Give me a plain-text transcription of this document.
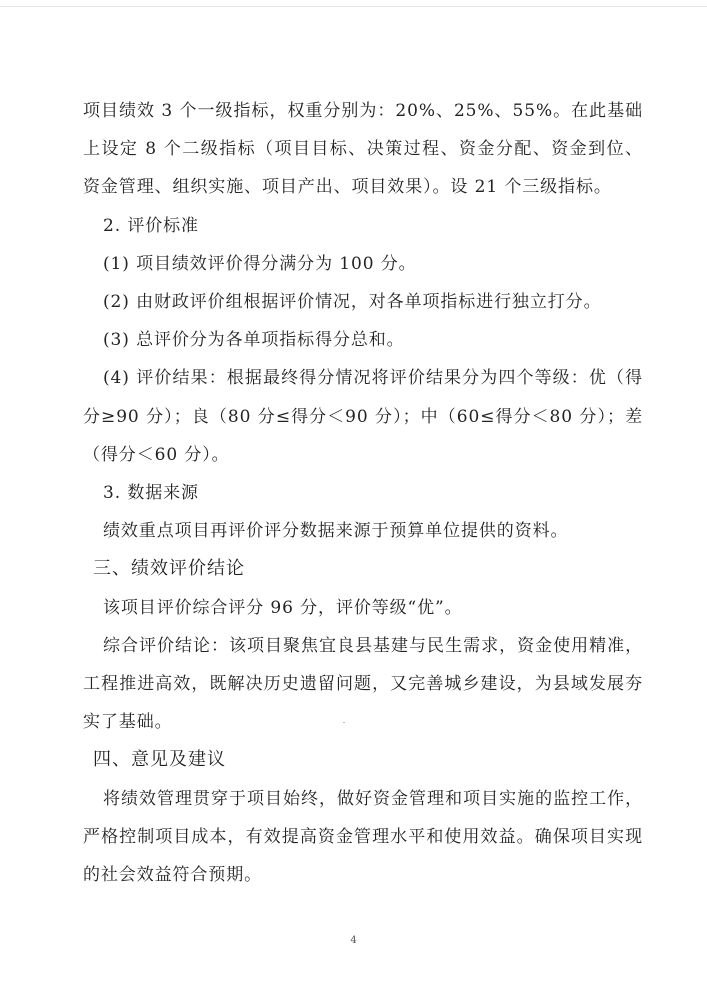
项目绩效 3 个一级指标，权重分别为：20%、25%、55%。在此基础上设定 8 个二级指标（项目目标、决策过程、资金分配、资金到位、资金管理、组织实施、项目产出、项目效果）。设 21 个三级指标。

2. 评价标准

(1) 项目绩效评价得分满分为 100 分。

(2) 由财政评价组根据评价情况，对各单项指标进行独立打分。

(3) 总评价分为各单项指标得分总和。

(4) 评价结果：根据最终得分情况将评价结果分为四个等级：优（得分≥90 分）；良（80 分≤得分＜90 分）；中（60≤得分＜80 分）；差（得分＜60 分）。

3. 数据来源

绩效重点项目再评价评分数据来源于预算单位提供的资料。

三、绩效评价结论

该项目评价综合评分 96 分，评价等级“优”。

综合评价结论：该项目聚焦宜良县基建与民生需求，资金使用精准，工程推进高效，既解决历史遗留问题，又完善城乡建设，为县域发展夯实了基础。

四、意见及建议

将绩效管理贯穿于项目始终，做好资金管理和项目实施的监控工作，严格控制项目成本，有效提高资金管理水平和使用效益。确保项目实现的社会效益符合预期。

4
